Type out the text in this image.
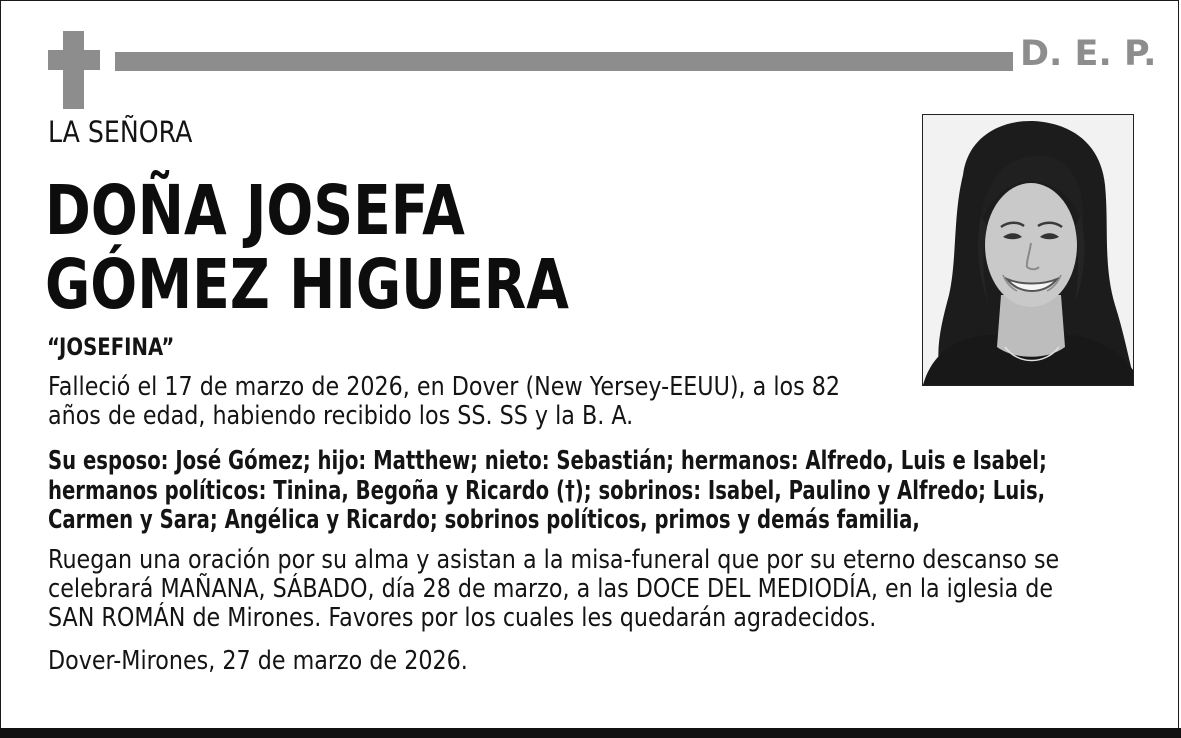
D. E. P.
LA SEÑORA
DOÑA JOSEFA
GÓMEZ HIGUERA
“JOSEFINA”

Falleció el 17 de marzo de 2026, en Dover (New Yersey-EEUU), a los 82
años de edad, habiendo recibido los SS. SS y la B. A.

Su esposo: José Gómez; hijo: Matthew; nieto: Sebastián; hermanos: Alfredo, Luis e Isabel;
hermanos políticos: Tinina, Begoña y Ricardo (†); sobrinos: Isabel, Paulino y Alfredo; Luis,
Carmen y Sara; Angélica y Ricardo; sobrinos políticos, primos y demás familia,

Ruegan una oración por su alma y asistan a la misa-funeral que por su eterno descanso se
celebrará MAÑANA, SÁBADO, día 28 de marzo, a las DOCE DEL MEDIODÍA, en la iglesia de
SAN ROMÁN de Mirones. Favores por los cuales les quedarán agradecidos.

Dover-Mirones, 27 de marzo de 2026.
